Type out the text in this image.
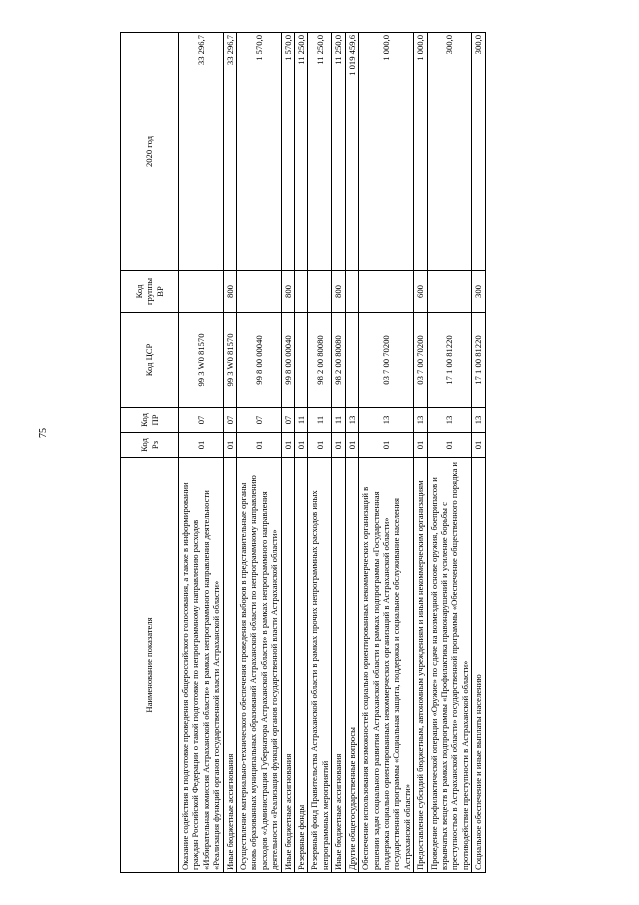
75
Наименование показателя	Код Рз	Код ПР	Код ЦСР	Код группы ВР	2020 год
Оказание содействия в подготовке проведения общероссийского голосования, а также в информировании граждан Российской Федерации о такой подготовке по непрограммному направлению расходов «Избирательная комиссия Астраханской области» в рамках непрограммного направления деятельности «Реализация функций органов государственной власти Астраханской области»	01	07	99 3 W0 81570		33 296,7
Иные бюджетные ассигнования	01	07	99 3 W0 81570	800	33 296,7
Осуществление материально-технического обеспечения проведения выборов в представительные органы вновь образованных муниципальных образований Астраханской области по непрограммному направлению расходов «Администрация Губернатора Астраханской области» в рамках непрограммного направления деятельности «Реализация функций органов государственной власти Астраханской области»	01	07	99 8 00 00040		1 570,0
Иные бюджетные ассигнования	01	07	99 8 00 00040	800	1 570,0
Резервные фонды	01	11			11 250,0
Резервный фонд Правительства Астраханской области в рамках прочих непрограммных расходов иных непрограммных мероприятий	01	11	98 2 00 80080		11 250,0
Иные бюджетные ассигнования	01	11	98 2 00 80080	800	11 250,0
Другие общегосударственные вопросы	01	13			1 019 459,6
Обеспечение использования возможностей социально ориентированных некоммерческих организаций в решении задач социального развития Астраханской области в рамках подпрограммы «Государственная поддержка социально ориентированных некоммерческих организаций в Астраханской области» государственной программы «Социальная защита, поддержка и социальное обслуживание населения Астраханской области»	01	13	03 7 00 70200		1 000,0
Предоставление субсидий бюджетным, автономным учреждениям и иным некоммерческим организациям	01	13	03 7 00 70200	600	1 000,0
Проведение профилактической операции «Оружие» по сдаче на возмездной основе оружия, боеприпасов и взрывчатых веществ в рамках подпрограммы «Профилактика правонарушений и усиление борьбы с преступностью в Астраханской области» государственной программы «Обеспечение общественного порядка и противодействие преступности в Астраханской области»	01	13	17 1 00 81220		300,0
Социальное обеспечение и иные выплаты населению	01	13	17 1 00 81220	300	300,0
